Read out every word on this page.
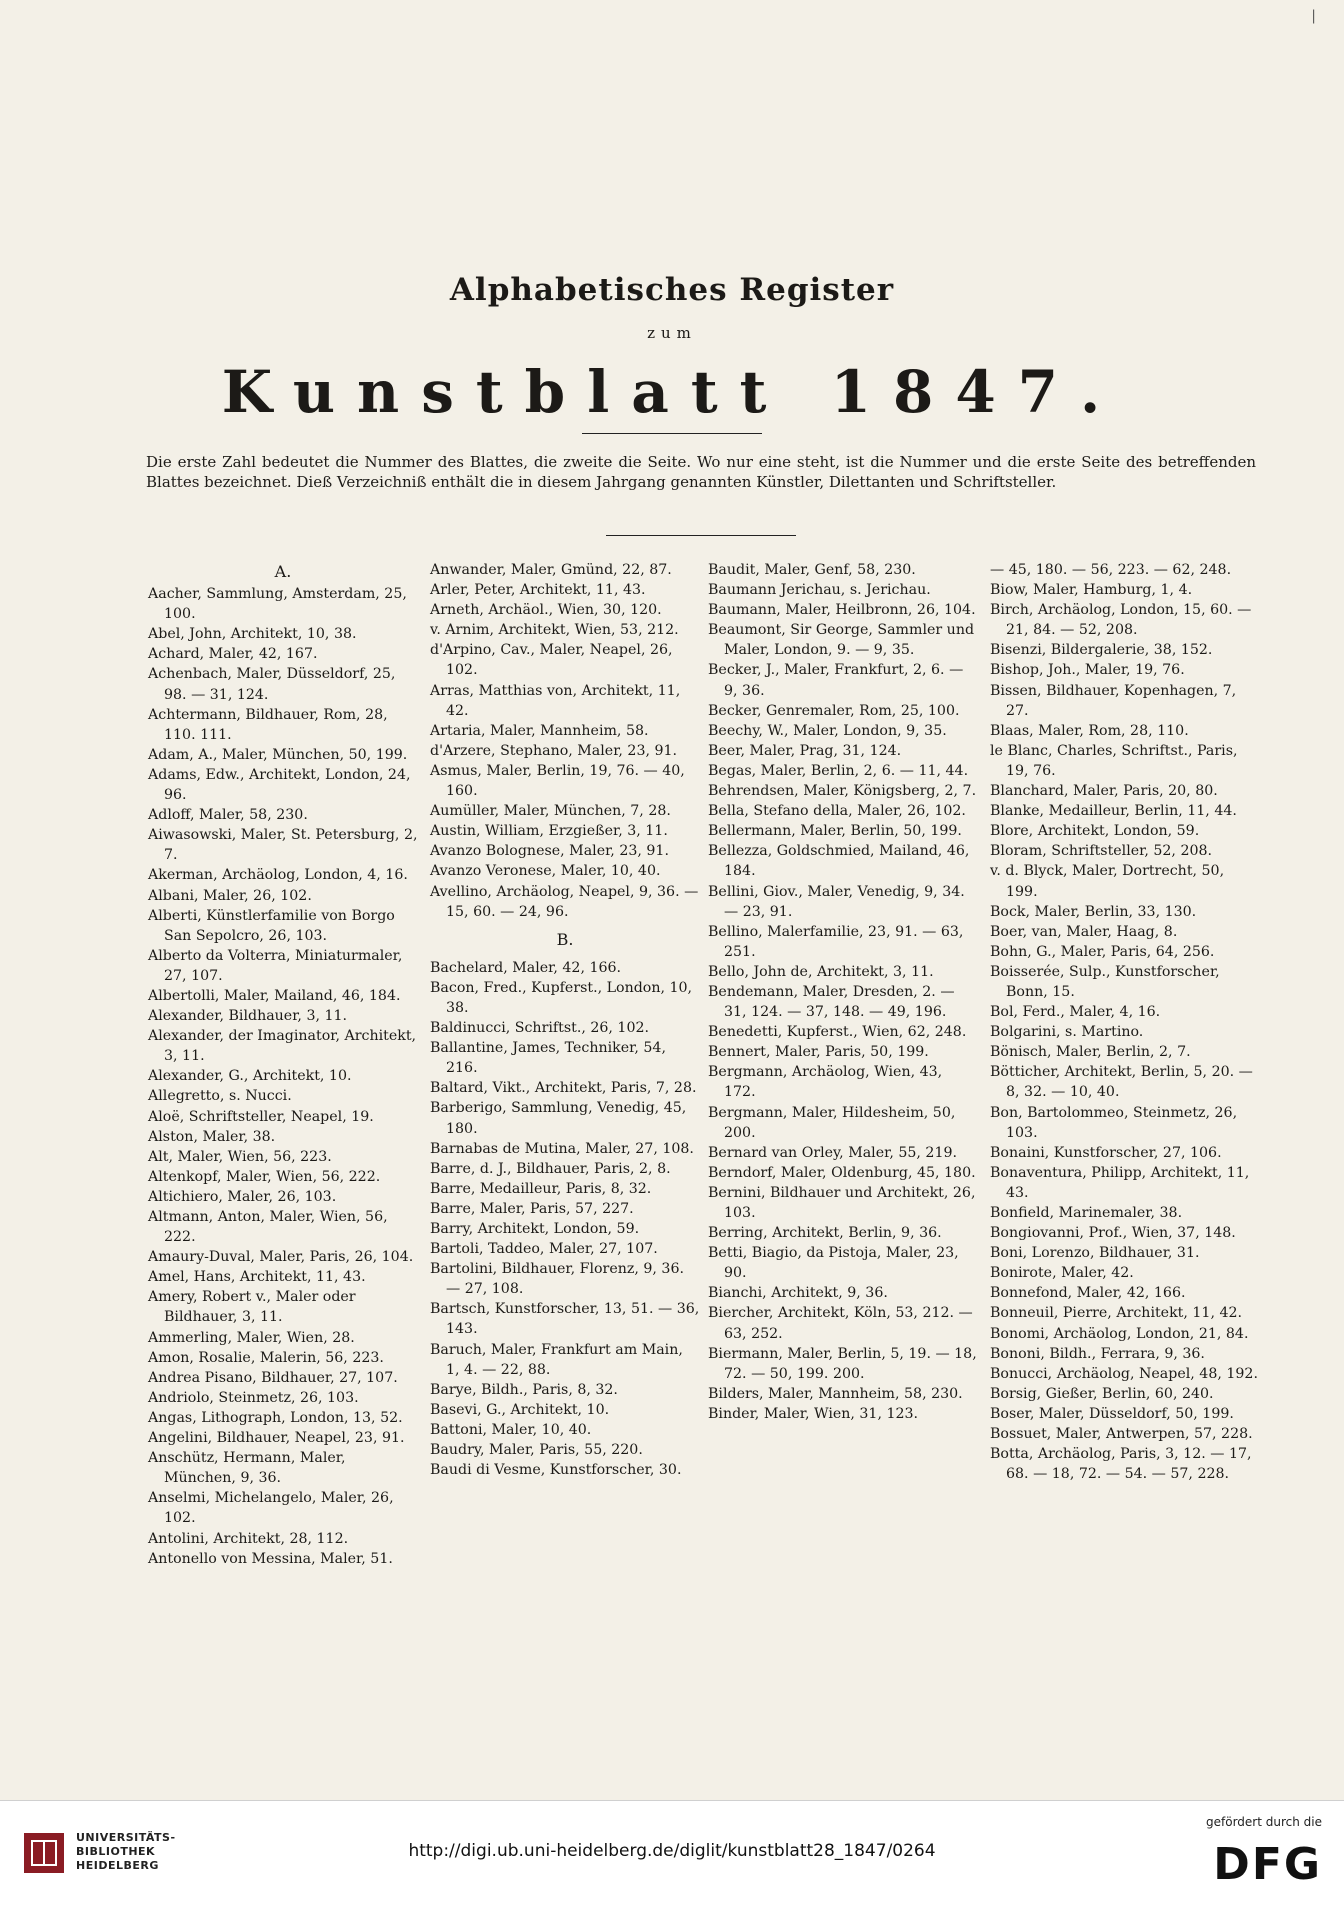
|
Alphabetisches Register
zum
Kunstblatt 1847.

Die erste Zahl bedeutet die Nummer des Blattes, die zweite die Seite. Wo nur eine steht, ist die Nummer und die erste Seite des betreffenden Blattes bezeichnet. Dieß Verzeichniß enthält die in diesem Jahrgang genannten Künstler, Dilettanten und Schriftsteller.

A.

Aacher, Sammlung, Amsterdam, 25, 100.

Abel, John, Architekt, 10, 38.

Achard, Maler, 42, 167.

Achenbach, Maler, Düsseldorf, 25, 98. — 31, 124.

Achtermann, Bildhauer, Rom, 28, 110. 111.

Adam, A., Maler, München, 50, 199.

Adams, Edw., Architekt, London, 24, 96.

Adloff, Maler, 58, 230.

Aiwasowski, Maler, St. Petersburg, 2, 7.

Akerman, Archäolog, London, 4, 16.

Albani, Maler, 26, 102.

Alberti, Künstlerfamilie von Borgo San Sepolcro, 26, 103.

Alberto da Volterra, Miniaturmaler, 27, 107.

Albertolli, Maler, Mailand, 46, 184.

Alexander, Bildhauer, 3, 11.

Alexander, der Imaginator, Architekt, 3, 11.

Alexander, G., Architekt, 10.

Allegretto, s. Nucci.

Aloë, Schriftsteller, Neapel, 19.

Alston, Maler, 38.

Alt, Maler, Wien, 56, 223.

Altenkopf, Maler, Wien, 56, 222.

Altichiero, Maler, 26, 103.

Altmann, Anton, Maler, Wien, 56, 222.

Amaury-Duval, Maler, Paris, 26, 104.

Amel, Hans, Architekt, 11, 43.

Amery, Robert v., Maler oder Bildhauer, 3, 11.

Ammerling, Maler, Wien, 28.

Amon, Rosalie, Malerin, 56, 223.

Andrea Pisano, Bildhauer, 27, 107.

Andriolo, Steinmetz, 26, 103.

Angas, Lithograph, London, 13, 52.

Angelini, Bildhauer, Neapel, 23, 91.

Anschütz, Hermann, Maler, München, 9, 36.

Anselmi, Michelangelo, Maler, 26, 102.

Antolini, Architekt, 28, 112.

Antonello von Messina, Maler, 51.

Anwander, Maler, Gmünd, 22, 87.

Arler, Peter, Architekt, 11, 43.

Arneth, Archäol., Wien, 30, 120.

v. Arnim, Architekt, Wien, 53, 212.

d'Arpino, Cav., Maler, Neapel, 26, 102.

Arras, Matthias von, Architekt, 11, 42.

Artaria, Maler, Mannheim, 58.

d'Arzere, Stephano, Maler, 23, 91.

Asmus, Maler, Berlin, 19, 76. — 40, 160.

Aumüller, Maler, München, 7, 28.

Austin, William, Erzgießer, 3, 11.

Avanzo Bolognese, Maler, 23, 91.

Avanzo Veronese, Maler, 10, 40.

Avellino, Archäolog, Neapel, 9, 36. — 15, 60. — 24, 96.

B.

Bachelard, Maler, 42, 166.

Bacon, Fred., Kupferst., London, 10, 38.

Baldinucci, Schriftst., 26, 102.

Ballantine, James, Techniker, 54, 216.

Baltard, Vikt., Architekt, Paris, 7, 28.

Barberigo, Sammlung, Venedig, 45, 180.

Barnabas de Mutina, Maler, 27, 108.

Barre, d. J., Bildhauer, Paris, 2, 8.

Barre, Medailleur, Paris, 8, 32.

Barre, Maler, Paris, 57, 227.

Barry, Architekt, London, 59.

Bartoli, Taddeo, Maler, 27, 107.

Bartolini, Bildhauer, Florenz, 9, 36. — 27, 108.

Bartsch, Kunstforscher, 13, 51. — 36, 143.

Baruch, Maler, Frankfurt am Main, 1, 4. — 22, 88.

Barye, Bildh., Paris, 8, 32.

Basevi, G., Architekt, 10.

Battoni, Maler, 10, 40.

Baudry, Maler, Paris, 55, 220.

Baudi di Vesme, Kunstforscher, 30.

Baudit, Maler, Genf, 58, 230.

Baumann Jerichau, s. Jerichau.

Baumann, Maler, Heilbronn, 26, 104.

Beaumont, Sir George, Sammler und Maler, London, 9. — 9, 35.

Becker, J., Maler, Frankfurt, 2, 6. — 9, 36.

Becker, Genremaler, Rom, 25, 100.

Beechy, W., Maler, London, 9, 35.

Beer, Maler, Prag, 31, 124.

Begas, Maler, Berlin, 2, 6. — 11, 44.

Behrendsen, Maler, Königsberg, 2, 7.

Bella, Stefano della, Maler, 26, 102.

Bellermann, Maler, Berlin, 50, 199.

Bellezza, Goldschmied, Mailand, 46, 184.

Bellini, Giov., Maler, Venedig, 9, 34. — 23, 91.

Bellino, Malerfamilie, 23, 91. — 63, 251.

Bello, John de, Architekt, 3, 11.

Bendemann, Maler, Dresden, 2. — 31, 124. — 37, 148. — 49, 196.

Benedetti, Kupferst., Wien, 62, 248.

Bennert, Maler, Paris, 50, 199.

Bergmann, Archäolog, Wien, 43, 172.

Bergmann, Maler, Hildesheim, 50, 200.

Bernard van Orley, Maler, 55, 219.

Berndorf, Maler, Oldenburg, 45, 180.

Bernini, Bildhauer und Architekt, 26, 103.

Berring, Architekt, Berlin, 9, 36.

Betti, Biagio, da Pistoja, Maler, 23, 90.

Bianchi, Architekt, 9, 36.

Biercher, Architekt, Köln, 53, 212. — 63, 252.

Biermann, Maler, Berlin, 5, 19. — 18, 72. — 50, 199. 200.

Bilders, Maler, Mannheim, 58, 230.

Binder, Maler, Wien, 31, 123.

— 45, 180. — 56, 223. — 62, 248.

Biow, Maler, Hamburg, 1, 4.

Birch, Archäolog, London, 15, 60. — 21, 84. — 52, 208.

Bisenzi, Bildergalerie, 38, 152.

Bishop, Joh., Maler, 19, 76.

Bissen, Bildhauer, Kopenhagen, 7, 27.

Blaas, Maler, Rom, 28, 110.

le Blanc, Charles, Schriftst., Paris, 19, 76.

Blanchard, Maler, Paris, 20, 80.

Blanke, Medailleur, Berlin, 11, 44.

Blore, Architekt, London, 59.

Bloram, Schriftsteller, 52, 208.

v. d. Blyck, Maler, Dortrecht, 50, 199.

Bock, Maler, Berlin, 33, 130.

Boer, van, Maler, Haag, 8.

Bohn, G., Maler, Paris, 64, 256.

Boisserée, Sulp., Kunstforscher, Bonn, 15.

Bol, Ferd., Maler, 4, 16.

Bolgarini, s. Martino.

Bönisch, Maler, Berlin, 2, 7.

Bötticher, Architekt, Berlin, 5, 20. — 8, 32. — 10, 40.

Bon, Bartolommeo, Steinmetz, 26, 103.

Bonaini, Kunstforscher, 27, 106.

Bonaventura, Philipp, Architekt, 11, 43.

Bonfield, Marinemaler, 38.

Bongiovanni, Prof., Wien, 37, 148.

Boni, Lorenzo, Bildhauer, 31.

Bonirote, Maler, 42.

Bonnefond, Maler, 42, 166.

Bonneuil, Pierre, Architekt, 11, 42.

Bonomi, Archäolog, London, 21, 84.

Bononi, Bildh., Ferrara, 9, 36.

Bonucci, Archäolog, Neapel, 48, 192.

Borsig, Gießer, Berlin, 60, 240.

Boser, Maler, Düsseldorf, 50, 199.

Bossuet, Maler, Antwerpen, 57, 228.

Botta, Archäolog, Paris, 3, 12. — 17, 68. — 18, 72. — 54. — 57, 228.

UNIVERSITÄTS-
BIBLIOTHEK
HEIDELBERG
http://digi.ub.uni-heidelberg.de/diglit/kunstblatt28_1847/0264
gefördert durch die
DFG
